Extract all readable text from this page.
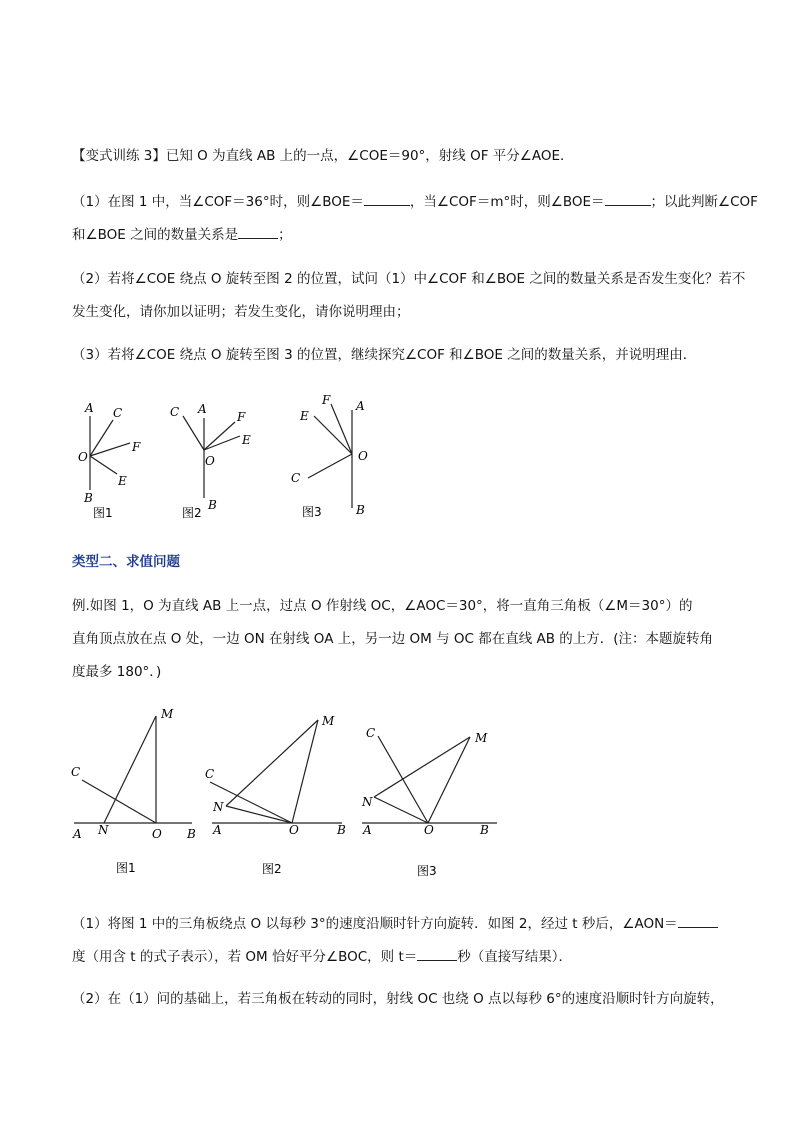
【变式训练 3】已知 O 为直线 AB 上的一点，∠COE＝90°，射线 OF 平分∠AOE．
（1）在图 1 中，当∠COF＝36°时，则∠BOE＝	，当∠COF＝m°时，则∠BOE＝	；以此判断∠COF
和∠BOE 之间的数量关系是	；
（2）若将∠COE 绕点 O 旋转至图 2 的位置，试问（1）中∠COF 和∠BOE 之间的数量关系是否发生变化？若不
发生变化，请你加以证明；若发生变化，请你说明理由；
（3）若将∠COE 绕点 O 旋转至图 3 的位置，继续探究∠COF 和∠BOE 之间的数量关系，并说明理由．
A C
O
F
E
B
图1
C A
F
E
O
B
图2
F A
E
O
C
B
图3
类型二、求值问题
例.如图 1，O 为直线 AB 上一点，过点 O 作射线 OC，∠AOC＝30°，将一直角三角板（∠M＝30°）的
直角顶点放在点 O 处，一边 ON 在射线 OA 上，另一边 OM 与 OC 都在直线 AB 的上方．(注：本题旋转角
度最多 180°．)
M
C
A N	O B
图1
M
C
N
A	O	B
图2
C	M
N
A	O	B
图3
（1）将图 1 中的三角板绕点 O 以每秒 3°的速度沿顺时针方向旋转．如图 2，经过 t 秒后，∠AON＝
度（用含 t 的式子表示），若 OM 恰好平分∠BOC，则 t＝	秒（直接写结果）．
（2）在（1）问的基础上，若三角板在转动的同时，射线 OC 也绕 O 点以每秒 6°的速度沿顺时针方向旋转，
